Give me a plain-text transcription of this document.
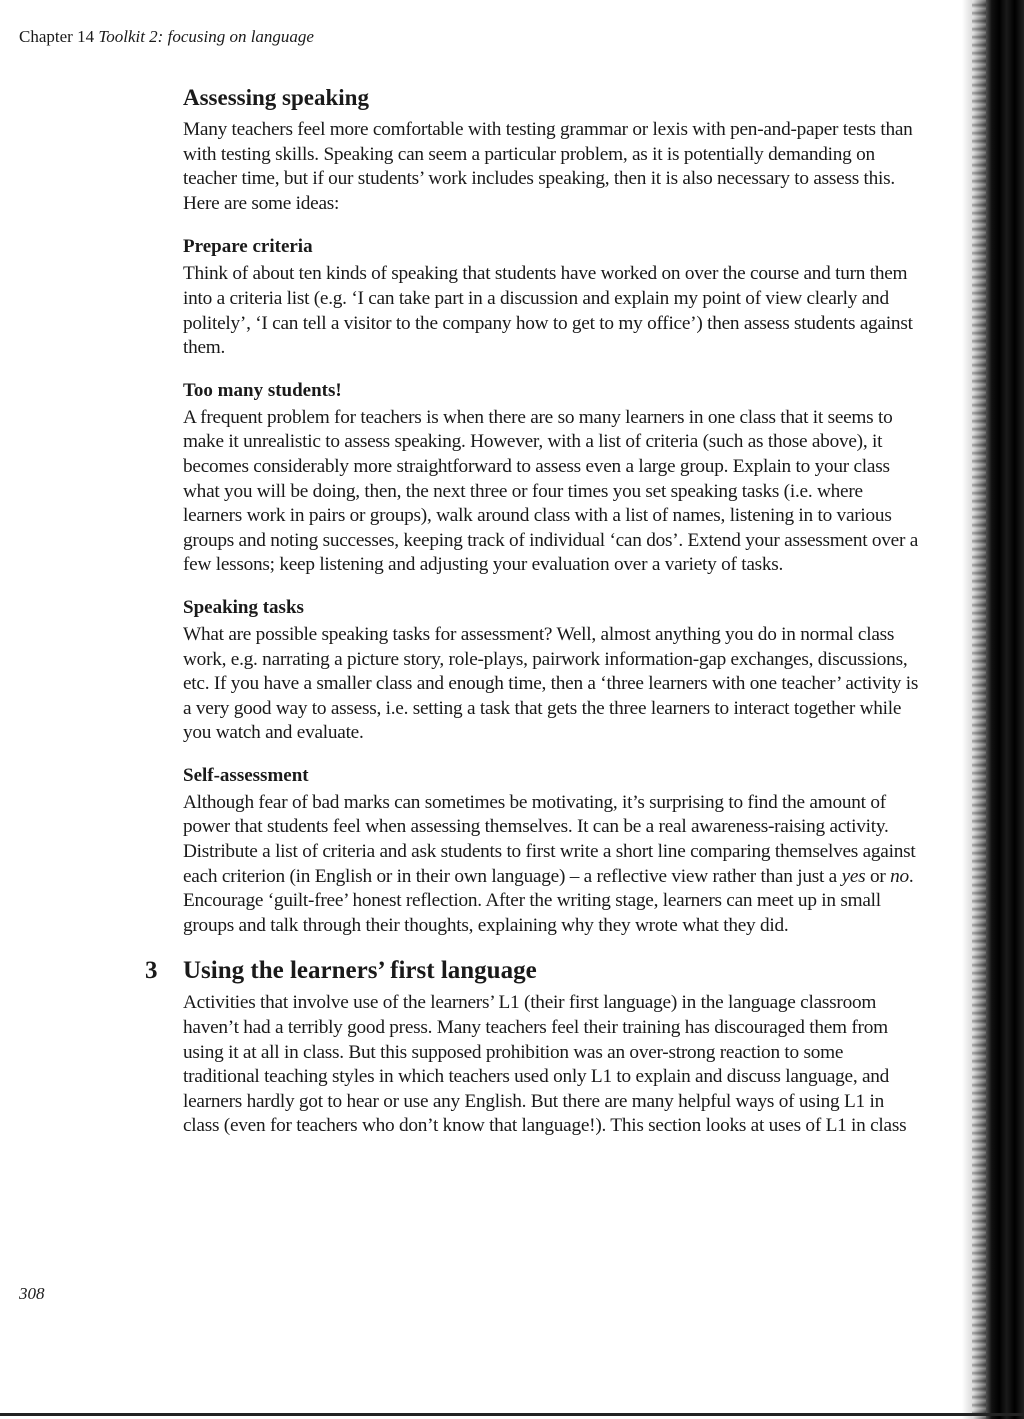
Chapter 14 Toolkit 2: focusing on language
Assessing speaking

Many teachers feel more comfortable with testing grammar or lexis with pen-and-paper tests than with testing skills. Speaking can seem a particular problem, as it is potentially demanding on teacher time, but if our students’ work includes speaking, then it is also necessary to assess this. Here are some ideas:

Prepare criteria

Think of about ten kinds of speaking that students have worked on over the course and turn them into a criteria list (e.g. ‘I can take part in a discussion and explain my point of view clearly and politely’, ‘I can tell a visitor to the company how to get to my office’) then assess students against them.

Too many students!

A frequent problem for teachers is when there are so many learners in one class that it seems to make it unrealistic to assess speaking. However, with a list of criteria (such as those above), it becomes considerably more straightforward to assess even a large group. Explain to your class what you will be doing, then, the next three or four times you set speaking tasks (i.e. where learners work in pairs or groups), walk around class with a list of names, listening in to various groups and noting successes, keeping track of individual ‘can dos’. Extend your assessment over a few lessons; keep listening and adjusting your evaluation over a variety of tasks.

Speaking tasks

What are possible speaking tasks for assessment? Well, almost anything you do in normal class work, e.g. narrating a picture story, role-plays, pairwork information-gap exchanges, discussions, etc. If you have a smaller class and enough time, then a ‘three learners with one teacher’ activity is a very good way to assess, i.e. setting a task that gets the three learners to interact together while you watch and evaluate.

Self-assessment

Although fear of bad marks can sometimes be motivating, it’s surprising to find the amount of power that students feel when assessing themselves. It can be a real awareness-raising activity. Distribute a list of criteria and ask students to first write a short line comparing themselves against each criterion (in English or in their own language) – a reflective view rather than just a yes or no. Encourage ‘guilt-free’ honest reflection. After the writing stage, learners can meet up in small groups and talk through their thoughts, explaining why they wrote what they did.

3 Using the learners’ first language

Activities that involve use of the learners’ L1 (their first language) in the language classroom haven’t had a terribly good press. Many teachers feel their training has discouraged them from using it at all in class. But this supposed prohibition was an over-strong reaction to some traditional teaching styles in which teachers used only L1 to explain and discuss language, and learners hardly got to hear or use any English. But there are many helpful ways of using L1 in class (even for teachers who don’t know that language!). This section looks at uses of L1 in class

308
